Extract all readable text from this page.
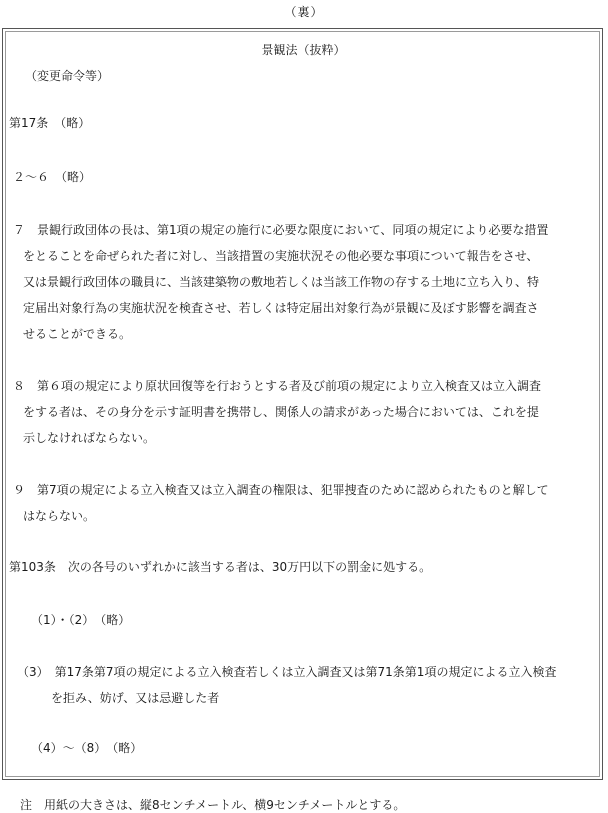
（裏）
景観法（抜粋）
（変更命令等）
第17条　（略）
２～６　（略）
７　景観行政団体の長は、第1項の規定の施行に必要な限度において、同項の規定により必要な措置
をとることを命ぜられた者に対し、当該措置の実施状況その他必要な事項について報告をさせ、
又は景観行政団体の職員に、当該建築物の敷地若しくは当該工作物の存する土地に立ち入り、特
定届出対象行為の実施状況を検査させ、若しくは特定届出対象行為が景観に及ぼす影響を調査さ
せることができる。
８　第６項の規定により原状回復等を行おうとする者及び前項の規定により立入検査又は立入調査
をする者は、その身分を示す証明書を携帯し、関係人の請求があった場合においては、これを提
示しなければならない。
９　第7項の規定による立入検査又は立入調査の権限は、犯罪捜査のために認められたものと解して
はならない。
第103条　次の各号のいずれかに該当する者は、30万円以下の罰金に処する。
（1）・（2）　（略）
（3）　第17条第7項の規定による立入検査若しくは立入調査又は第71条第1項の規定による立入検査
を拒み、妨げ、又は忌避した者
（4）～（8）　（略）
注　用紙の大きさは、縦8センチメートル、横9センチメートルとする。
